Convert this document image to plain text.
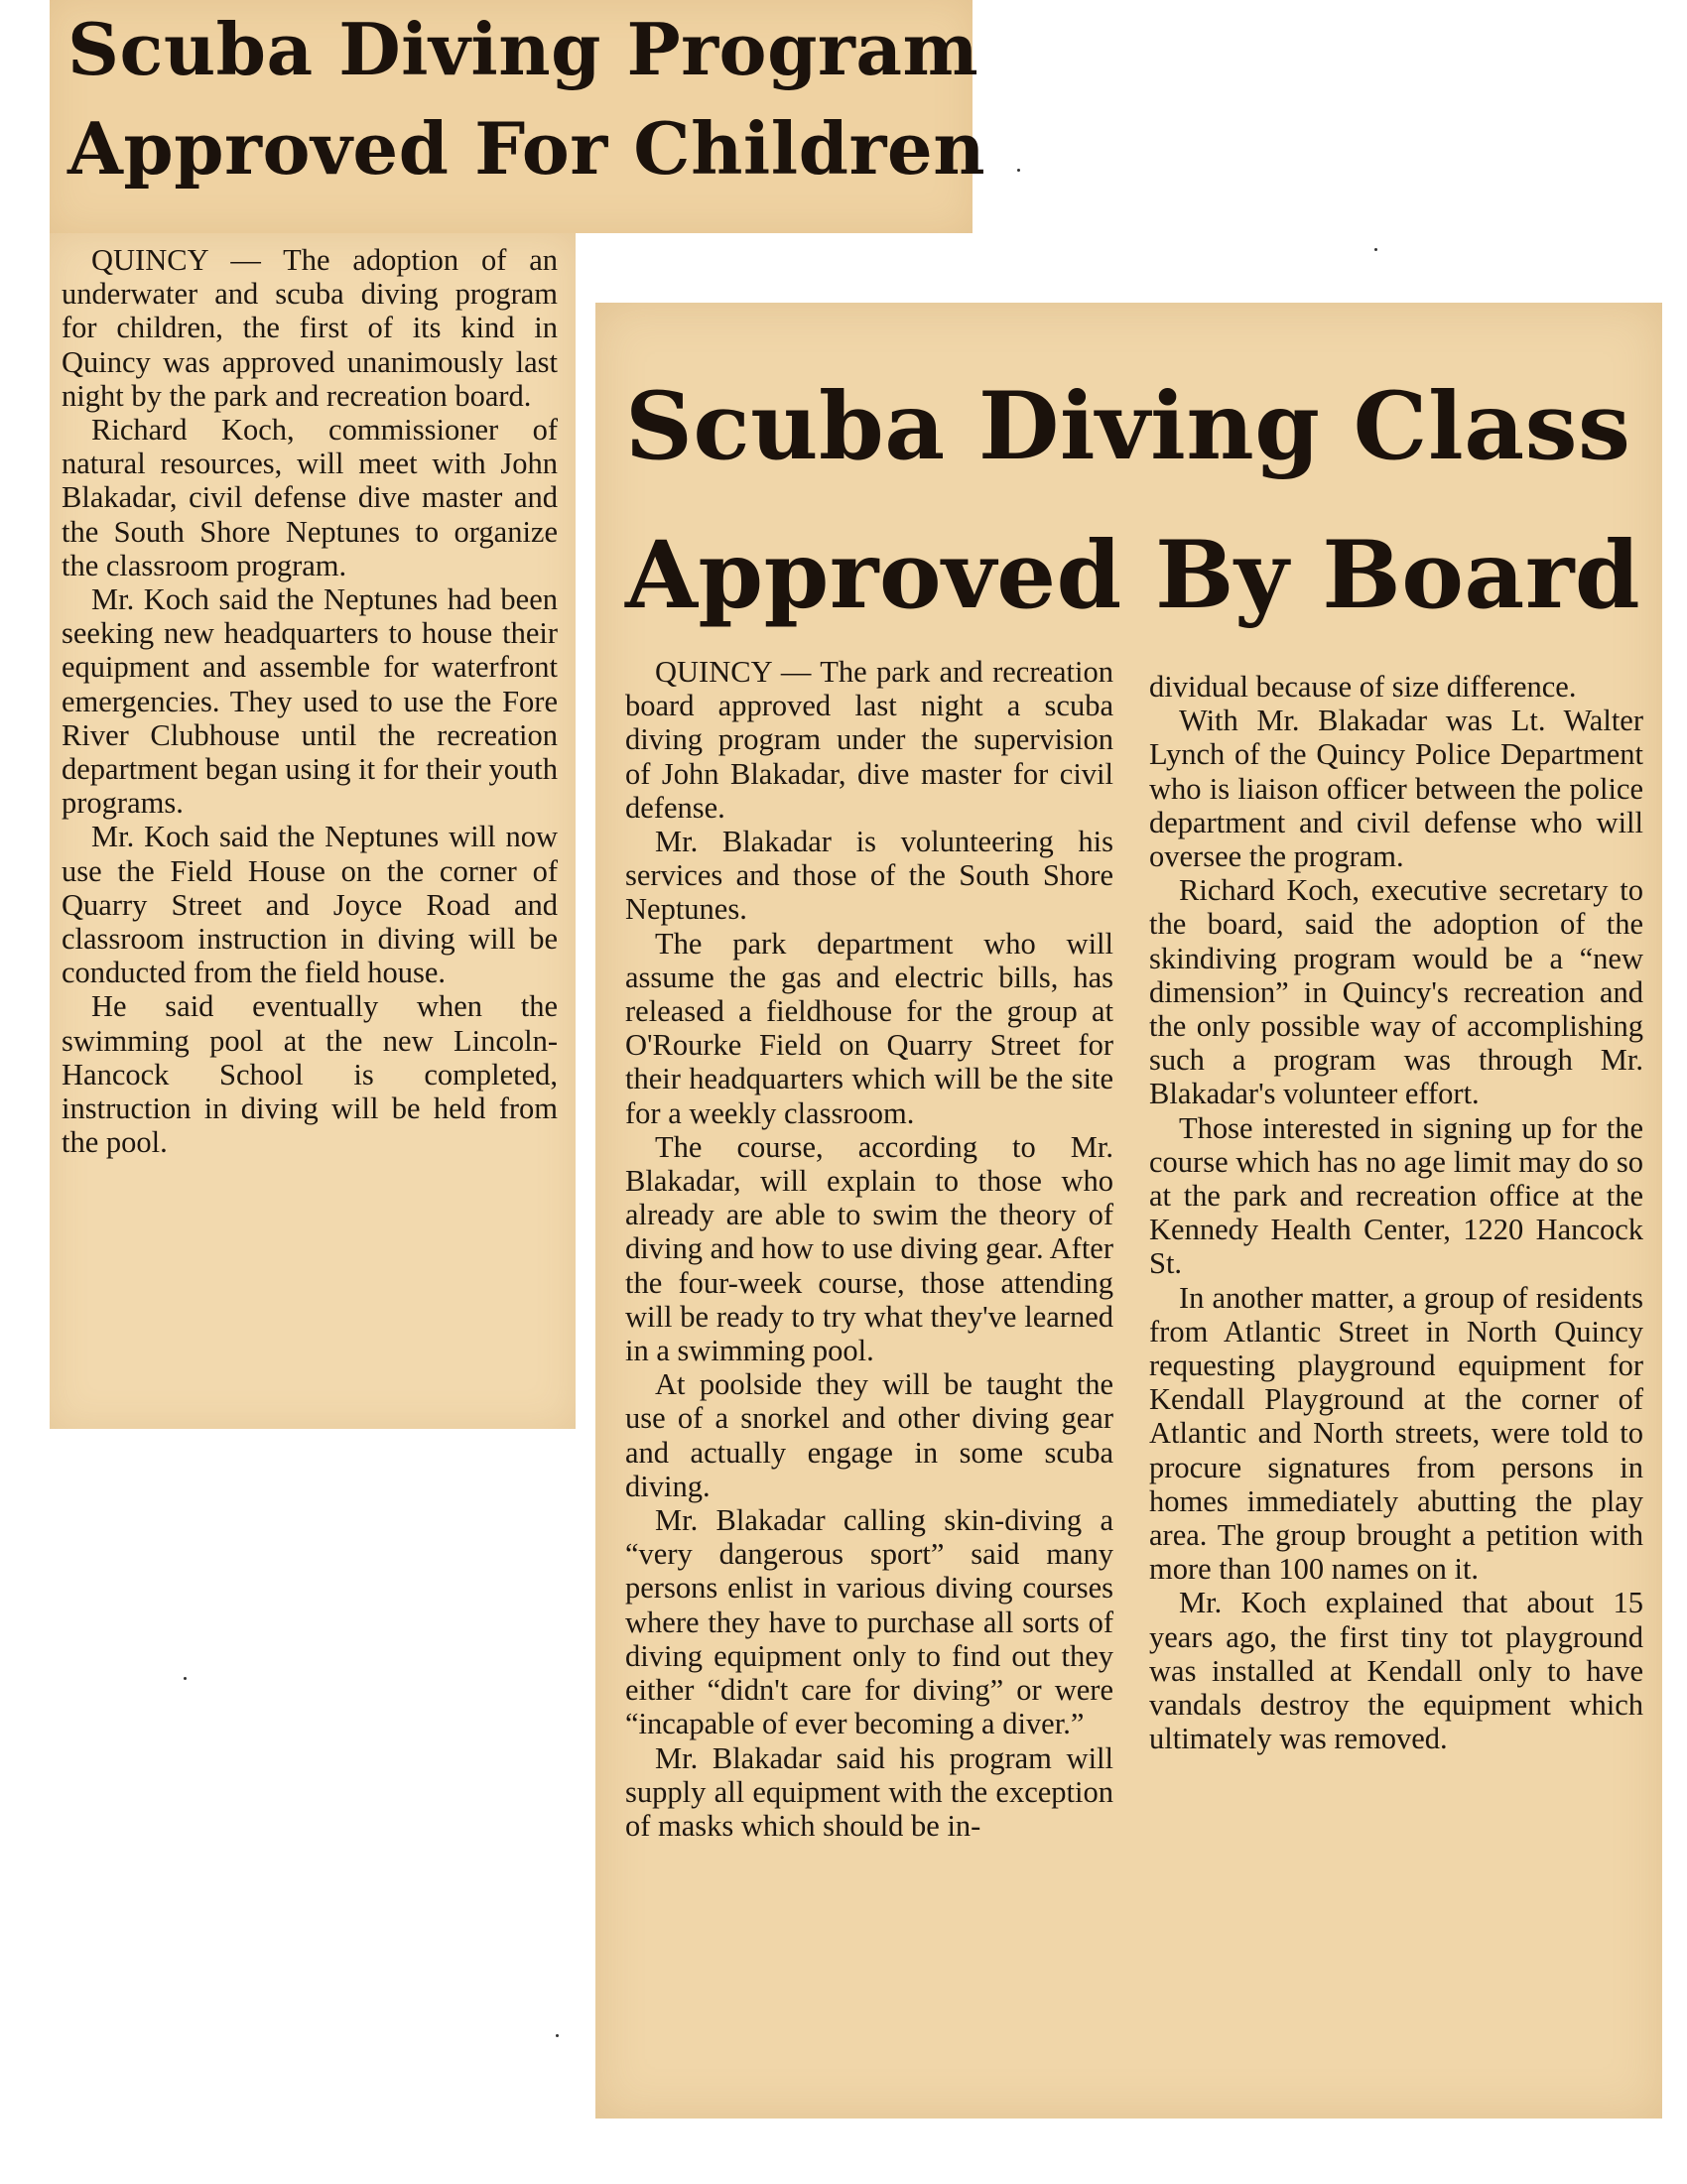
Scuba Diving Program
Approved For Children

QUINCY — The adoption of an underwater and scuba diving program for children, the first of its kind in Quincy was approved unanimously last night by the park and recreation board.

Richard Koch, commissioner of natural resources, will meet with John Blakadar, civil defense dive master and the South Shore Neptunes to organize the classroom program.

Mr. Koch said the Neptunes had been seeking new headquarters to house their equipment and assemble for waterfront emergencies. They used to use the Fore River Clubhouse until the recreation department began using it for their youth programs.

Mr. Koch said the Neptunes will now use the Field House on the corner of Quarry Street and Joyce Road and classroom instruction in diving will be conducted from the field house.

He said eventually when the swimming pool at the new Lincoln-Hancock School is completed, instruction in diving will be held from the pool.

Scuba Diving Class
Approved By Board

QUINCY — The park and recreation board approved last night a scuba diving program under the supervision of John Blakadar, dive master for civil defense.

Mr. Blakadar is volunteering his services and those of the South Shore Neptunes.

The park department who will assume the gas and electric bills, has released a fieldhouse for the group at O'Rourke Field on Quarry Street for their headquarters which will be the site for a weekly classroom.

The course, according to Mr. Blakadar, will explain to those who already are able to swim the theory of diving and how to use diving gear. After the four-week course, those attending will be ready to try what they've learned in a swimming pool.

At poolside they will be taught the use of a snorkel and other diving gear and actually engage in some scuba diving.

Mr. Blakadar calling skin-diving a “very dangerous sport” said many persons enlist in various diving courses where they have to purchase all sorts of diving equipment only to find out they either “didn't care for diving” or were “incapable of ever becoming a diver.”

Mr. Blakadar said his program will supply all equipment with the exception of masks which should be in-

dividual because of size difference.

With Mr. Blakadar was Lt. Walter Lynch of the Quincy Police Department who is liaison officer between the police department and civil defense who will oversee the program.

Richard Koch, executive secretary to the board, said the adoption of the skindiving program would be a “new dimension” in Quincy's recreation and the only possible way of accomplishing such a program was through Mr. Blakadar's volunteer effort.

Those interested in signing up for the course which has no age limit may do so at the park and recreation office at the Kennedy Health Center, 1220 Hancock St.

In another matter, a group of residents from Atlantic Street in North Quincy requesting playground equipment for Kendall Playground at the corner of Atlantic and North streets, were told to procure signatures from persons in homes immediately abutting the play area. The group brought a petition with more than 100 names on it.

Mr. Koch explained that about 15 years ago, the first tiny tot playground was installed at Kendall only to have vandals destroy the equipment which ultimately was removed.
